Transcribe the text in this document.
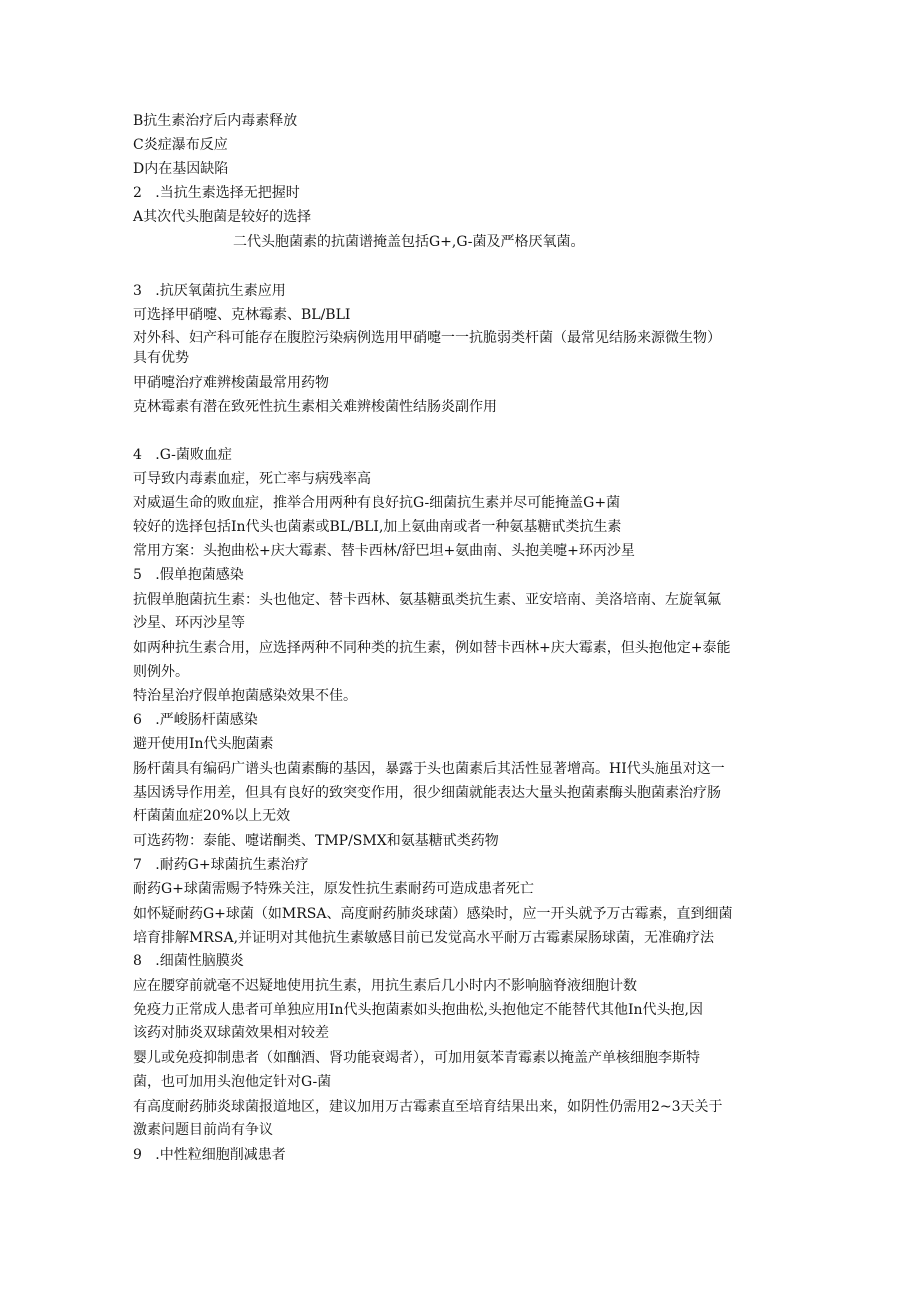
B抗生素治疗后内毒素释放
C炎症瀑布反应
D内在基因缺陷
2   .当抗生素选择无把握时
A其次代头胞菌是较好的选择
二代头胞菌素的抗菌谱掩盖包括G+,G-菌及严格厌氧菌。
3   .抗厌氧菌抗生素应用
可选择甲硝嚏、克林霉素、BL/BLI
对外科、妇产科可能存在腹腔污染病例选用甲硝嚏一一抗脆弱类杆菌（最常见结肠来源微生物）
具有优势
甲硝嚏治疗难辨梭菌最常用药物
克林霉素有潜在致死性抗生素相关难辨梭菌性结肠炎副作用
4   .G-菌败血症
可导致内毒素血症，死亡率与病残率高
对威逼生命的败血症，推举合用两种有良好抗G-细菌抗生素并尽可能掩盖G+菌
较好的选择包括In代头也菌素或BL/BLI,加上氨曲南或者一种氨基糖甙类抗生素
常用方案：头抱曲松+庆大霉素、替卡西林/舒巴坦+氨曲南、头抱美嚏+环丙沙星
5   .假单抱菌感染
抗假单胞菌抗生素：头也他定、替卡西林、氨基糖虱类抗生素、亚安培南、美洛培南、左旋氧氟
沙星、环丙沙星等
如两种抗生素合用，应选择两种不同种类的抗生素，例如替卡西林+庆大霉素，但头抱他定+泰能
则例外。
特治星治疗假单抱菌感染效果不佳。
6   .严峻肠杆菌感染
避开使用In代头胞菌素
肠杆菌具有编码广谱头也菌素酶的基因，暴露于头也菌素后其活性显著增高。HI代头施虽对这一
基因诱导作用差，但具有良好的致突变作用，很少细菌就能表达大量头抱菌素酶头胞菌素治疗肠
杆菌菌血症20%以上无效
可选药物：泰能、嚏诺酮类、TMP/SMX和氨基糖甙类药物
7   .耐药G+球菌抗生素治疗
耐药G+球菌需赐予特殊关注，原发性抗生素耐药可造成患者死亡
如怀疑耐药G+球菌（如MRSA、高度耐药肺炎球菌）感染时，应一开头就予万古霉素，直到细菌
培育排解MRSA,并证明对其他抗生素敏感目前已发觉高水平耐万古霉素屎肠球菌，无准确疗法
8   .细菌性脑膜炎
应在腰穿前就毫不迟疑地使用抗生素，用抗生素后几小时内不影响脑脊液细胞计数
免疫力正常成人患者可单独应用In代头抱菌素如头抱曲松,头抱他定不能替代其他In代头抱,因
该药对肺炎双球菌效果相对较差
婴儿或免疫抑制患者（如酗酒、肾功能衰竭者），可加用氨苯青霉素以掩盖产单核细胞李斯特
菌，也可加用头泡他定针对G-菌
有高度耐药肺炎球菌报道地区，建议加用万古霉素直至培育结果出来，如阴性仍需用2~3天关于
激素问题目前尚有争议
9   .中性粒细胞削减患者
